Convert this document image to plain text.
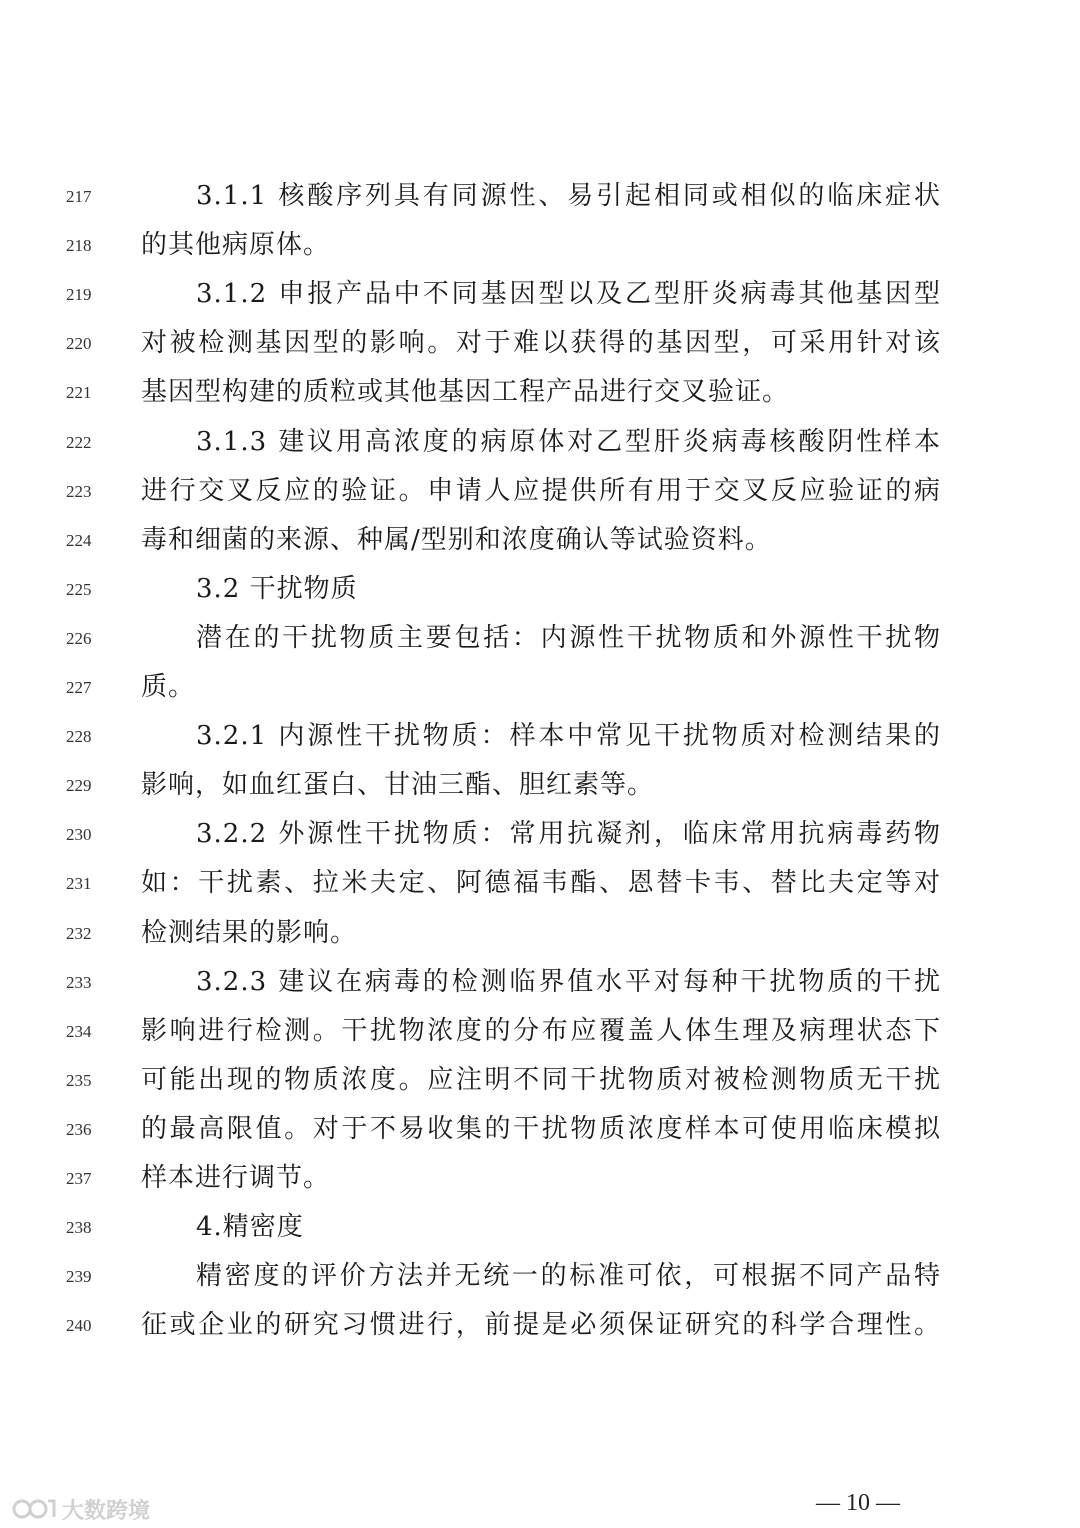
217	3.1.1 核酸序列具有同源性、易引起相同或相似的临床症状
218	的其他病原体。
219	3.1.2 申报产品中不同基因型以及乙型肝炎病毒其他基因型
220	对被检测基因型的影响。对于难以获得的基因型，可采用针对该
221	基因型构建的质粒或其他基因工程产品进行交叉验证。
222	3.1.3 建议用高浓度的病原体对乙型肝炎病毒核酸阴性样本
223	进行交叉反应的验证。申请人应提供所有用于交叉反应验证的病
224	毒和细菌的来源、种属/型别和浓度确认等试验资料。
225	3.2 干扰物质
226	潜在的干扰物质主要包括：内源性干扰物质和外源性干扰物
227	质。
228	3.2.1 内源性干扰物质：样本中常见干扰物质对检测结果的
229	影响，如血红蛋白、甘油三酯、胆红素等。
230	3.2.2 外源性干扰物质：常用抗凝剂，临床常用抗病毒药物
231	如：干扰素、拉米夫定、阿德福韦酯、恩替卡韦、替比夫定等对
232	检测结果的影响。
233	3.2.3 建议在病毒的检测临界值水平对每种干扰物质的干扰
234	影响进行检测。干扰物浓度的分布应覆盖人体生理及病理状态下
235	可能出现的物质浓度。应注明不同干扰物质对被检测物质无干扰
236	的最高限值。对于不易收集的干扰物质浓度样本可使用临床模拟
237	样本进行调节。
238	4.精密度
239	精密度的评价方法并无统一的标准可依，可根据不同产品特
240	征或企业的研究习惯进行，前提是必须保证研究的科学合理性。
— 10 —
大数跨境
